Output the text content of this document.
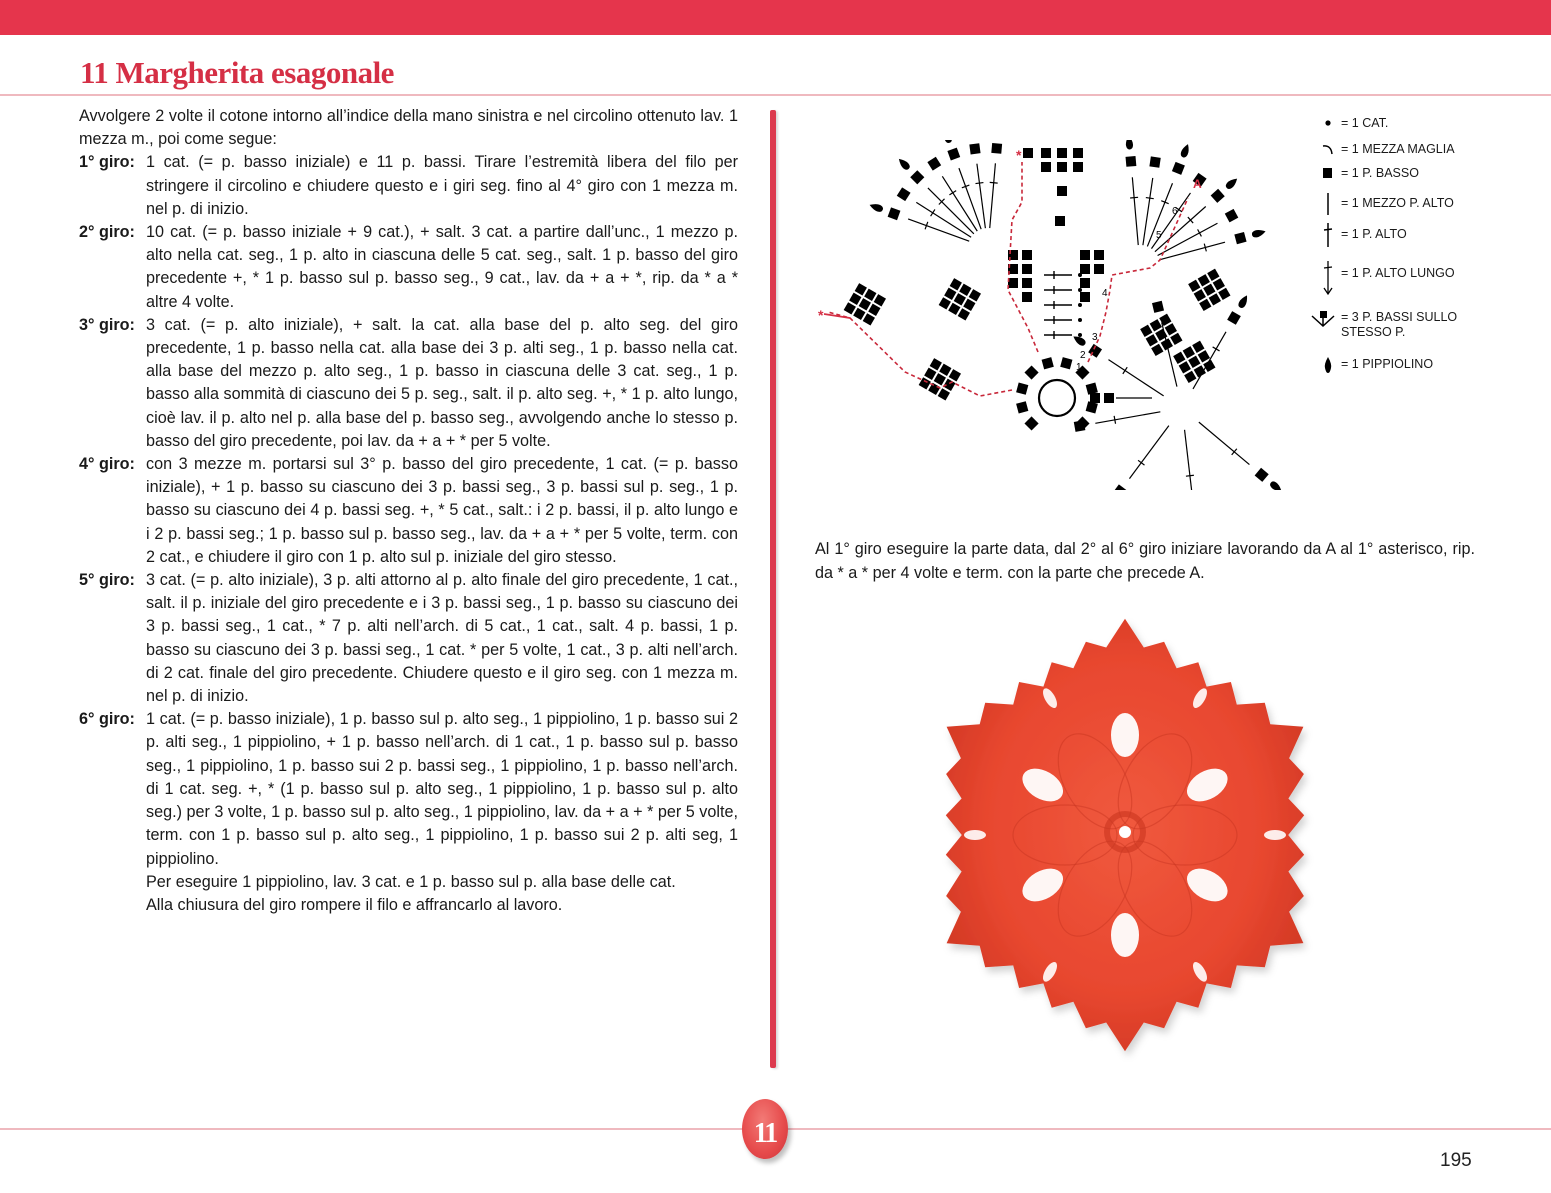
11 Margherita esagonale

Avvolgere 2 volte il cotone intorno all’indice della mano sinistra e nel circolino ottenuto lav. 1 mezza m., poi come segue:

1° giro: 1 cat. (= p. basso iniziale) e 11 p. bassi. Tirare l’estremità libera del filo per stringere il circolino e chiudere questo e i giri seg. fino al 4° giro con 1 mezza m. nel p. di inizio.
2° giro: 10 cat. (= p. basso iniziale + 9 cat.), + salt. 3 cat. a partire dall’unc., 1 mezzo p. alto nella cat. seg., 1 p. alto in ciascuna delle 5 cat. seg., salt. 1 p. basso del giro precedente +, * 1 p. basso sul p. basso seg., 9 cat., lav. da + a + *, rip. da * a * altre 4 volte.
3° giro: 3 cat. (= p. alto iniziale), + salt. la cat. alla base del p. alto seg. del giro precedente, 1 p. basso nella cat. alla base dei 3 p. alti seg., 1 p. basso nella cat. alla base del mezzo p. alto seg., 1 p. basso in ciascuna delle 3 cat. seg., 1 p. basso alla sommità di ciascuno dei 5 p. seg., salt. il p. alto seg. +, * 1 p. alto lungo, cioè lav. il p. alto nel p. alla base del p. basso seg., avvolgendo anche lo stesso p. basso del giro precedente, poi lav. da + a + * per 5 volte.
4° giro: con 3 mezze m. portarsi sul 3° p. basso del giro precedente, 1 cat. (= p. basso iniziale), + 1 p. basso su ciascuno dei 3 p. bassi seg., 3 p. bassi sul p. seg., 1 p. basso su ciascuno dei 4 p. bassi seg. +, * 5 cat., salt.: i 2 p. bassi, il p. alto lungo e i 2 p. bassi seg.; 1 p. basso sul p. basso seg., lav. da + a + * per 5 volte, term. con 2 cat., e chiudere il giro con 1 p. alto sul p. iniziale del giro stesso.
5° giro: 3 cat. (= p. alto iniziale), 3 p. alti attorno al p. alto finale del giro precedente, 1 cat., salt. il p. iniziale del giro precedente e i 3 p. bassi seg., 1 p. basso su ciascuno dei 3 p. bassi seg., 1 cat., * 7 p. alti nell’arch. di 5 cat., 1 cat., salt. 4 p. bassi, 1 p. basso su ciascuno dei 3 p. bassi seg., 1 cat. * per 5 volte, 1 cat., 3 p. alti nell’arch. di 2 cat. finale del giro precedente. Chiudere questo e il giro seg. con 1 mezza m. nel p. di inizio.
6° giro: 1 cat. (= p. basso iniziale), 1 p. basso sul p. alto seg., 1 pippiolino, 1 p. basso sui 2 p. alti seg., 1 pippiolino, + 1 p. basso nell’arch. di 1 cat., 1 p. basso sul p. basso seg., 1 pippiolino, 1 p. basso sui 2 p. bassi seg., 1 pippiolino, 1 p. basso nell’arch. di 1 cat. seg. +, * (1 p. basso sul p. alto seg., 1 pippiolino, 1 p. basso sul p. alto seg.) per 3 volte, 1 p. basso sul p. alto seg., 1 pippiolino, lav. da + a + * per 5 volte, term. con 1 p. basso sul p. alto seg., 1 pippiolino, 1 p. basso sui 2 p. alti seg, 1 pippiolino.
Per eseguire 1 pippiolino, lav. 3 cat. e 1 p. basso sul p. alla base delle cat.
Alla chiusura del giro rompere il filo e affrancarlo al lavoro.
*
*
A
1
2
3
4
5
6
= 1 CAT.
= 1 MEZZA MAGLIA
= 1 P. BASSO
= 1 MEZZO P. ALTO
= 1 P. ALTO
= 1 P. ALTO LUNGO
= 3 P. BASSI SULLO STESSO P.
= 1 PIPPIOLINO

Al 1° giro eseguire la parte data, dal 2° al 6° giro iniziare lavorando da A al 1° asterisco, rip. da * a * per 4 volte e term. con la parte che precede A.

11
195
